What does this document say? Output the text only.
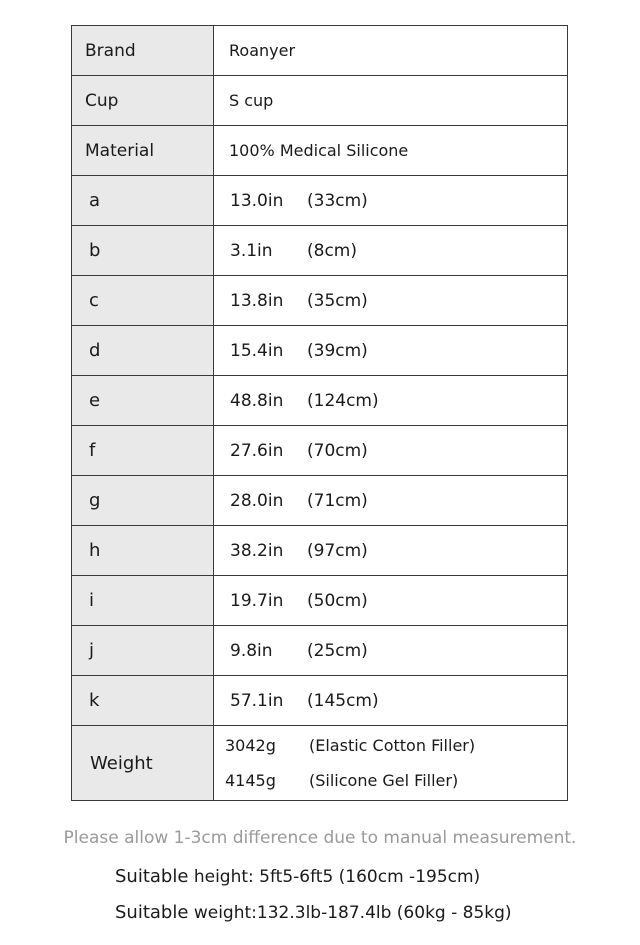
Brand	Roanyer

Cup	S cup

Material	100% Medical Silicone

a	13.0in (33cm)

b	3.1in (8cm)

c	13.8in (35cm)

d	15.4in (39cm)

e	48.8in (124cm)

f	27.6in (70cm)

g	28.0in (71cm)

h	38.2in (97cm)

i	19.7in (50cm)

j	9.8in (25cm)

k	57.1in (145cm)

Weight	3042g (Elastic Cotton Filler)
4145g (Silicone Gel Filler)
Please allow 1-3cm difference due to manual measurement.
Suitable height: 5ft5-6ft5 (160cm -195cm)
Suitable weight:132.3lb-187.4lb (60kg - 85kg)
